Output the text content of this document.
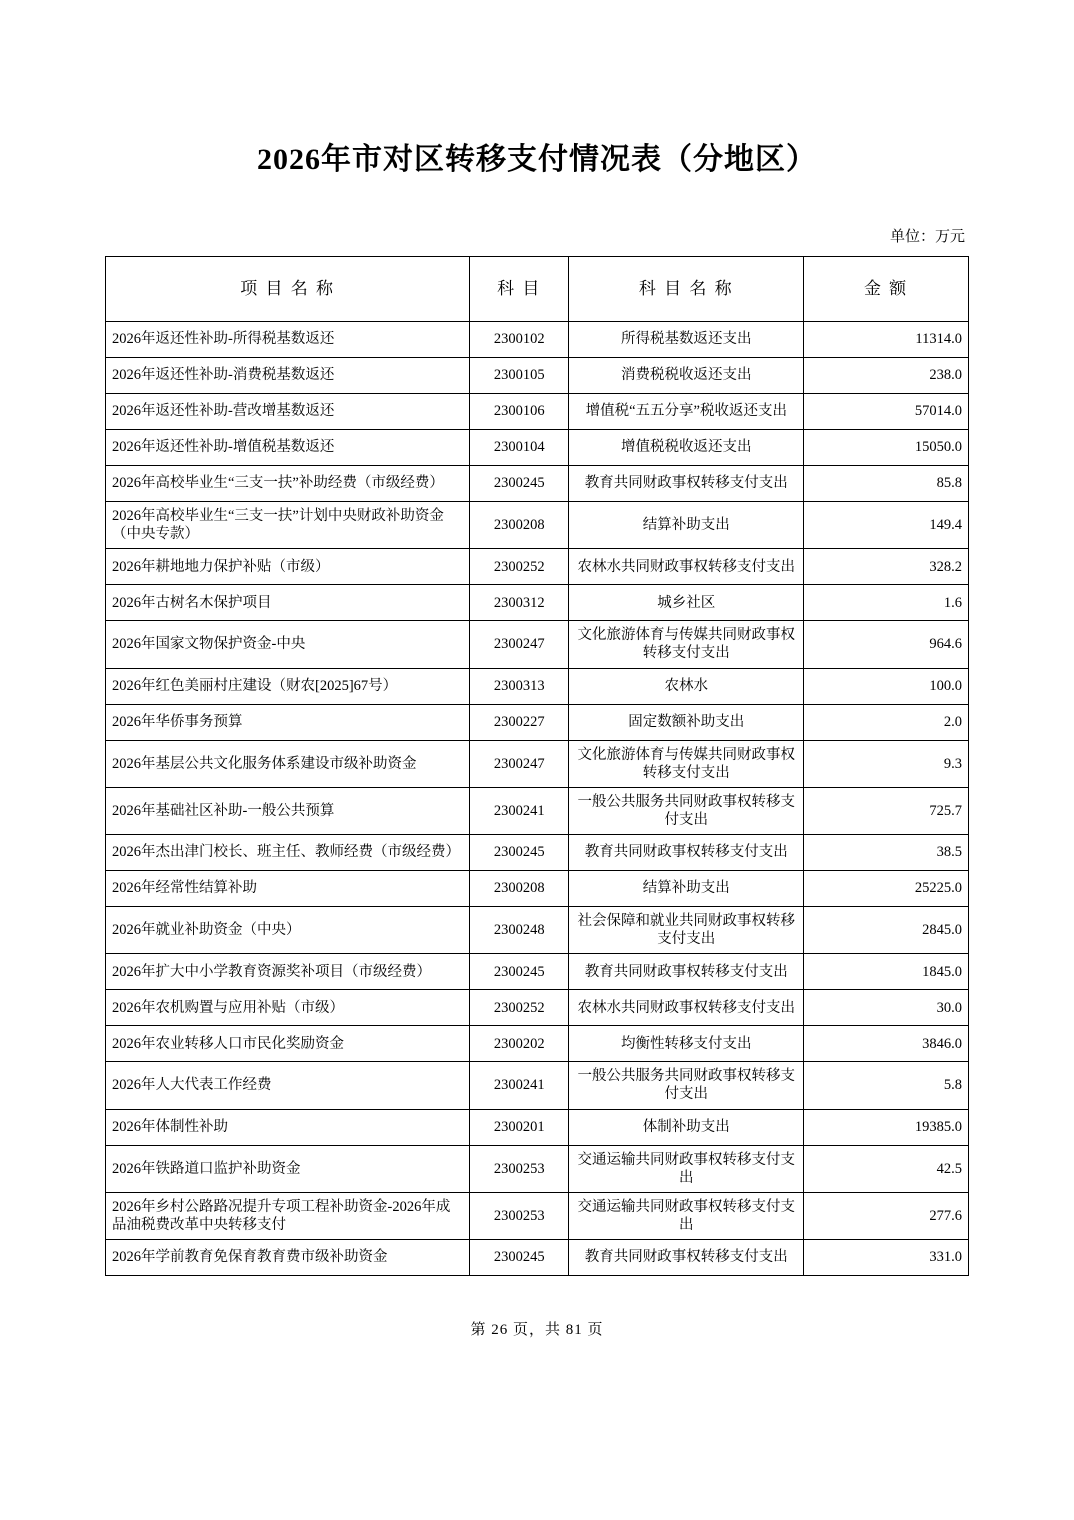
2026年市对区转移支付情况表（分地区）
单位：万元
项 目 名 称	科 目	科 目 名 称	金 额
2026年返还性补助-所得税基数返还	2300102	所得税基数返还支出	11314.0
2026年返还性补助-消费税基数返还	2300105	消费税税收返还支出	238.0
2026年返还性补助-营改增基数返还	2300106	增值税“五五分享”税收返还支出	57014.0
2026年返还性补助-增值税基数返还	2300104	增值税税收返还支出	15050.0
2026年高校毕业生“三支一扶”补助经费（市级经费）	2300245	教育共同财政事权转移支付支出	85.8
2026年高校毕业生“三支一扶”计划中央财政补助资金 （中央专款）	2300208	结算补助支出	149.4
2026年耕地地力保护补贴（市级）	2300252	农林水共同财政事权转移支付支出	328.2
2026年古树名木保护项目	2300312	城乡社区	1.6
2026年国家文物保护资金-中央	2300247	文化旅游体育与传媒共同财政事权转移支付支出	964.6
2026年红色美丽村庄建设（财农[2025]67号）	2300313	农林水	100.0
2026年华侨事务预算	2300227	固定数额补助支出	2.0
2026年基层公共文化服务体系建设市级补助资金	2300247	文化旅游体育与传媒共同财政事权转移支付支出	9.3
2026年基础社区补助-一般公共预算	2300241	一般公共服务共同财政事权转移支付支出	725.7
2026年杰出津门校长、班主任、教师经费（市级经费）	2300245	教育共同财政事权转移支付支出	38.5
2026年经常性结算补助	2300208	结算补助支出	25225.0
2026年就业补助资金（中央）	2300248	社会保障和就业共同财政事权转移支付支出	2845.0
2026年扩大中小学教育资源奖补项目（市级经费）	2300245	教育共同财政事权转移支付支出	1845.0
2026年农机购置与应用补贴（市级）	2300252	农林水共同财政事权转移支付支出	30.0
2026年农业转移人口市民化奖励资金	2300202	均衡性转移支付支出	3846.0
2026年人大代表工作经费	2300241	一般公共服务共同财政事权转移支付支出	5.8
2026年体制性补助	2300201	体制补助支出	19385.0
2026年铁路道口监护补助资金	2300253	交通运输共同财政事权转移支付支出	42.5
2026年乡村公路路况提升专项工程补助资金-2026年成品油税费改革中央转移支付	2300253	交通运输共同财政事权转移支付支出	277.6
2026年学前教育免保育教育费市级补助资金	2300245	教育共同财政事权转移支付支出	331.0
第 26 页，共 81 页
